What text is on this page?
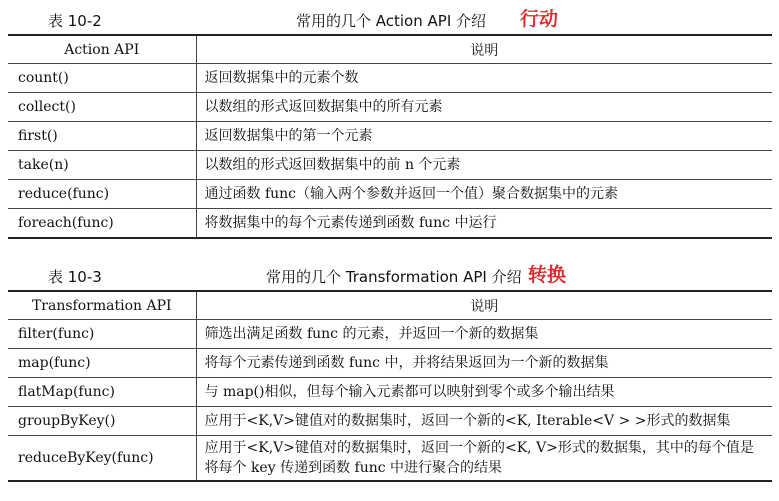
表 10-2	常用的几个 Action API 介绍 行动
Action API	说明
count()	返回数据集中的元素个数
collect()	以数组的形式返回数据集中的所有元素
first()	返回数据集中的第一个元素
take(n)	以数组的形式返回数据集中的前 n 个元素
reduce(func)	通过函数 func（输入两个参数并返回一个值）聚合数据集中的元素
foreach(func)	将数据集中的每个元素传递到函数 func 中运行
表 10-3	常用的几个 Transformation API 介绍 转换
Transformation API	说明
filter(func)	筛选出满足函数 func 的元素，并返回一个新的数据集
map(func)	将每个元素传递到函数 func 中，并将结果返回为一个新的数据集
flatMap(func)	与 map()相似，但每个输入元素都可以映射到零个或多个输出结果
groupByKey()	应用于<K,V>键值对的数据集时，返回一个新的<K, Iterable<V > >形式的数据集
reduceByKey(func)	应用于<K,V>键值对的数据集时，返回一个新的<K, V>形式的数据集，其中的每个值是将每个 key 传递到函数 func 中进行聚合的结果
